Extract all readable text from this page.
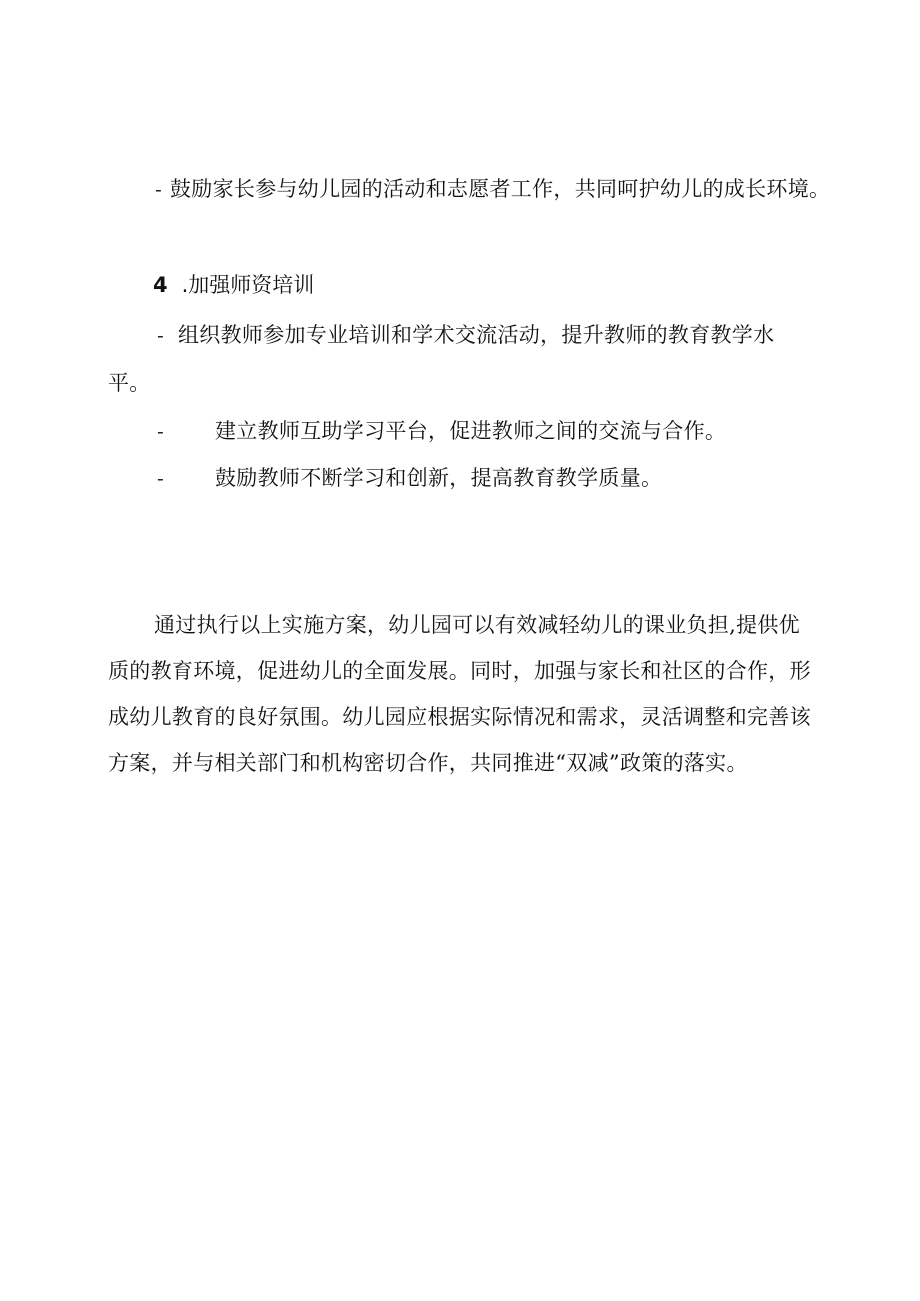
- 鼓励家长参与幼儿园的活动和志愿者工作，共同呵护幼儿的成长环境。
4 .加强师资培训
- 组织教师参加专业培训和学术交流活动，提升教师的教育教学水
平。
- 建立教师互助学习平台，促进教师之间的交流与合作。
- 鼓励教师不断学习和创新，提高教育教学质量。
通过执行以上实施方案，幼儿园可以有效减轻幼儿的课业负担,提供优
质的教育环境，促进幼儿的全面发展。同时，加强与家长和社区的合作，形
成幼儿教育的良好氛围。幼儿园应根据实际情况和需求，灵活调整和完善该
方案，并与相关部门和机构密切合作，共同推进“双减”政策的落实。
